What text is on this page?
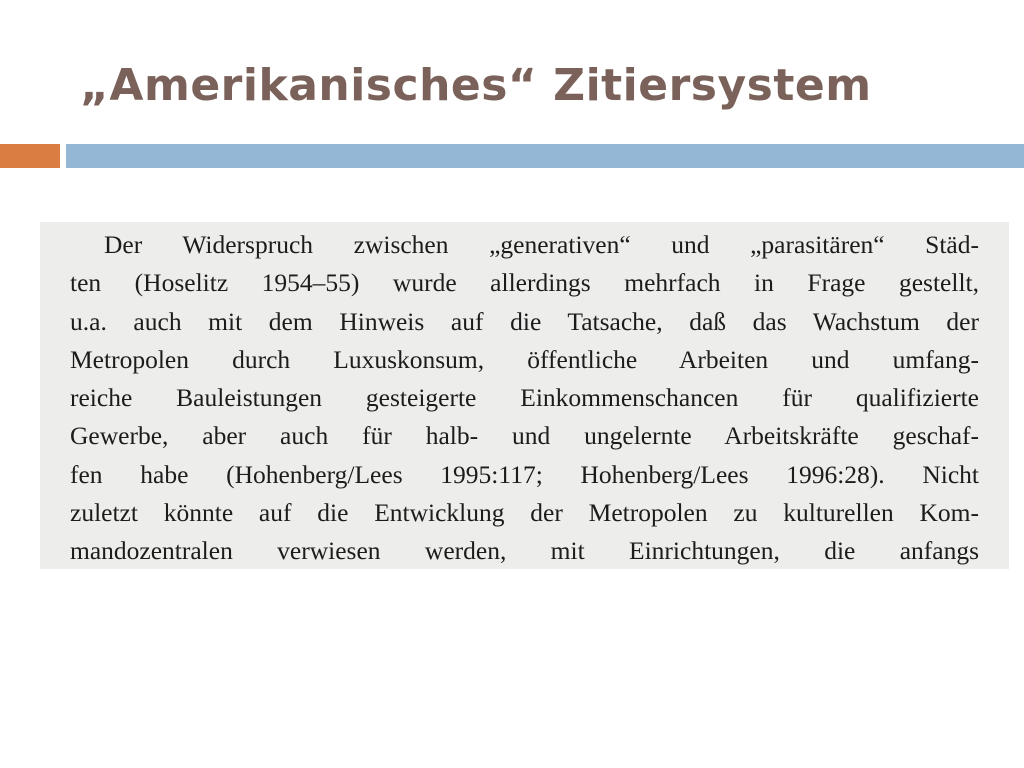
„Amerikanisches“ Zitiersystem

Der Widerspruch zwischen „generativen“ und „parasitären“ Städ-
ten (Hoselitz 1954–55) wurde allerdings mehrfach in Frage gestellt,
u.a. auch mit dem Hinweis auf die Tatsache, daß das Wachstum der
Metropolen durch Luxuskonsum, öffentliche Arbeiten und umfang-
reiche Bauleistungen gesteigerte Einkommenschancen für qualifizierte
Gewerbe, aber auch für halb- und ungelernte Arbeitskräfte geschaf-
fen habe (Hohenberg/Lees 1995:117; Hohenberg/Lees 1996:28). Nicht
zuletzt könnte auf die Entwicklung der Metropolen zu kulturellen Kom-
mandozentralen verwiesen werden, mit Einrichtungen, die anfangs
